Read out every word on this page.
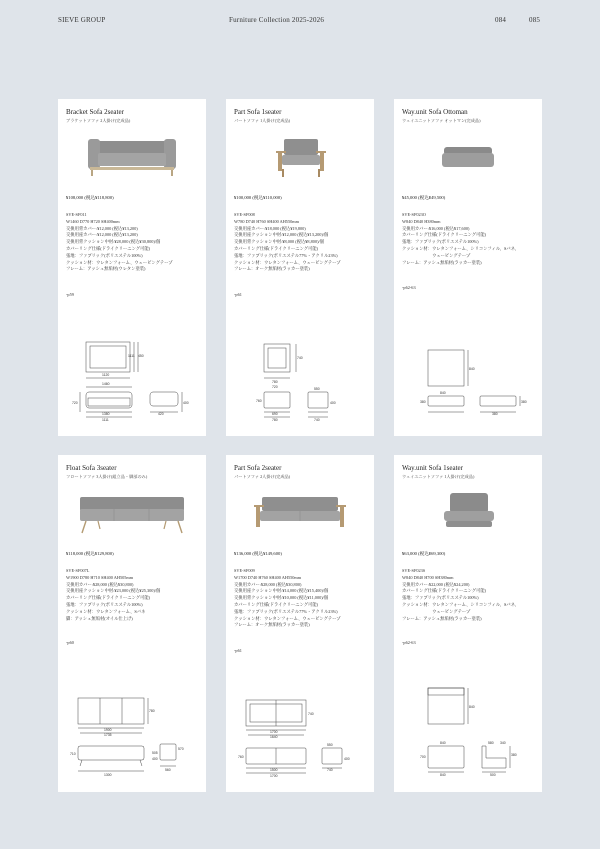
SIEVE GROUP	Furniture Collection 2025-2026	084	085
Bracket Sofa 2seater
ブラケットソファ 2人掛け(完成品)
¥108,000 (税込¥118,800)
SVE-SF011
W1460 D770 H720 SH400mm
交換用背カバー:¥12,000 (税込¥13,200)
交換用座カバー:¥12,000 (税込¥13,200)
交換用背クッション中材:¥28,000 (税込¥30,800)/個
カバーリング仕様(ドライクリーニング可能)
張地：ファブリック(ポリエステル100%)
クッション材：ウレタンフォーム、ウェービングテープ
フレーム：アッシュ無垢材(ウレタン塗装)
-p59
1120
1111 450
1460
1380
1111
720
420
400
Part Sofa 1seater
パートソファ 1人掛け(完成品)
¥100,000 (税込¥110,000)
SVE-SF008
W780 D740 H760 SH400 AH550mm
交換用座カバー:¥18,000 (税込¥19,800)
交換用座クッション中材:¥12,000 (税込¥13,200)/個
交換用背クッション中材:¥8,000 (税込¥8,800)/個
カバーリング仕様(ドライクリーニング可能)
張地：ファブリック(ポリエステル77%・アクリル23%)
クッション材：ウレタンフォーム、ウェービングテープ
フレーム：オーク無垢材(ラッカー塗装)
-p61
780
720
740
690
780
760
550
740
400
Way.unit Sofa Ottoman
ウェイユニットソファ オットマン(完成品)
¥45,000 (税込¥49,500)
SVE-SF023O
W840 D840 H380mm
交換用カバー:¥16,000 (税込¥17,600)
カバーリング仕様(ドライクリーニング可能)
張地：ファブリック(ポリエステル100%)
クッション材：ウレタンフォーム、シリコンフィル、Sバネ、
　　　　　　　ウェービングテープ
フレーム：アッシュ無垢材(ラッカー塗装)
-p62-63
840
840
380
380
380
Float Sofa 3seater
フロートソファ 3人掛け(組立品・脚部のみ)
¥118,000 (税込¥129,800)
SVE-SF007L
W1900 D780 H710 SH400 AH505mm
交換用カバー:¥28,000 (税込¥30,800)
交換用座クッション中材:¥23,000 (税込¥25,300)/個
カバーリング仕様(ドライクリーニング可能)
張地：ファブリック(ポリエステル100%)
クッション材：ウレタンフォーム、Sバネ
脚：アッシュ無垢材(オイル仕上げ)
-p60
1900
1735
780
710
1300
570
505
400
560
Part Sofa 2seater
パートソファ 2人掛け(完成品)
¥136,000 (税込¥149,600)
SVE-SF009
W1700 D740 H760 SH400 AH550mm
交換用カバー:¥28,000 (税込¥30,800)
交換用座クッション中材:¥14,000 (税込¥15,400)/個
交換用背クッション中材:¥10,000 (税込¥11,000)/個
カバーリング仕様(ドライクリーニング可能)
張地：ファブリック(ポリエステル77%・アクリル23%)
クッション材：ウレタンフォーム、ウェービングテープ
フレーム：オーク無垢材(ラッカー塗装)
-p61
1700
1640
740
760
1500
1700
550
740
400
Way.unit Sofa 1seater
ウェイユニットソファ 1人掛け(完成品)
¥63,000 (税込¥69,300)
SVE-SF023S
W840 D840 H700 SH380mm
交換用カバー:¥22,000 (税込¥24,200)
カバーリング仕様(ドライクリーニング可能)
張地：ファブリック(ポリエステル100%)
クッション材：ウレタンフォーム、シリコンフィル、Sバネ、
　　　　　　　ウェービングテープ
フレーム：アッシュ無垢材(ラッカー塗装)
-p62-63
840
840
700
840
580 340
380
500
